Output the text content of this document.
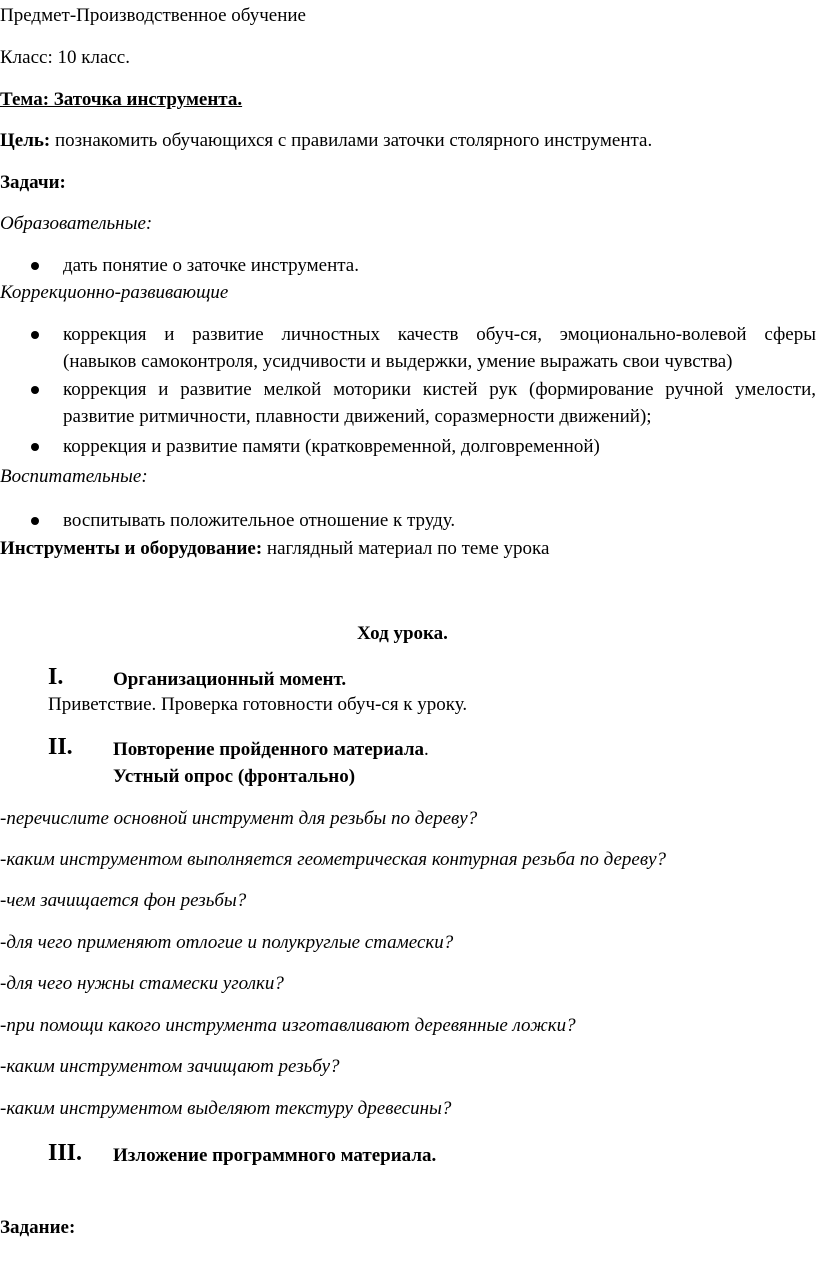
Предмет-Производственное обучение
Класс: 10 класс.
Тема: Заточка инструмента.
Цель: познакомить обучающихся с правилами заточки столярного инструмента.
Задачи:
Образовательные:
дать понятие о заточке инструмента.
Коррекционно-развивающие
коррекция и развитие личностных качеств обуч-ся, эмоционально-волевой сферы
(навыков самоконтроля, усидчивости и выдержки, умение выражать свои чувства)
коррекция и развитие мелкой моторики кистей рук (формирование ручной умелости,
развитие ритмичности, плавности движений, соразмерности движений);
коррекция и развитие памяти (кратковременной, долговременной)
Воспитательные:
воспитывать положительное отношение к труду.
Инструменты и оборудование: наглядный материал по теме урока
Ход урока.
I.	Организационный момент.
Приветствие. Проверка готовности обуч-ся к уроку.
II. Повторение пройденного материала.
Устный опрос (фронтально)
-перечислите основной инструмент для резьбы по дереву?
-каким инструментом выполняется геометрическая контурная резьба по дереву?
-чем зачищается фон резьбы?
-для чего применяют отлогие и полукруглые стамески?
-для чего нужны стамески уголки?
-при помощи какого инструмента изготавливают деревянные ложки?
-каким инструментом зачищают резьбу?
-каким инструментом выделяют текстуру древесины?
III. Изложение программного материала.
Задание:
